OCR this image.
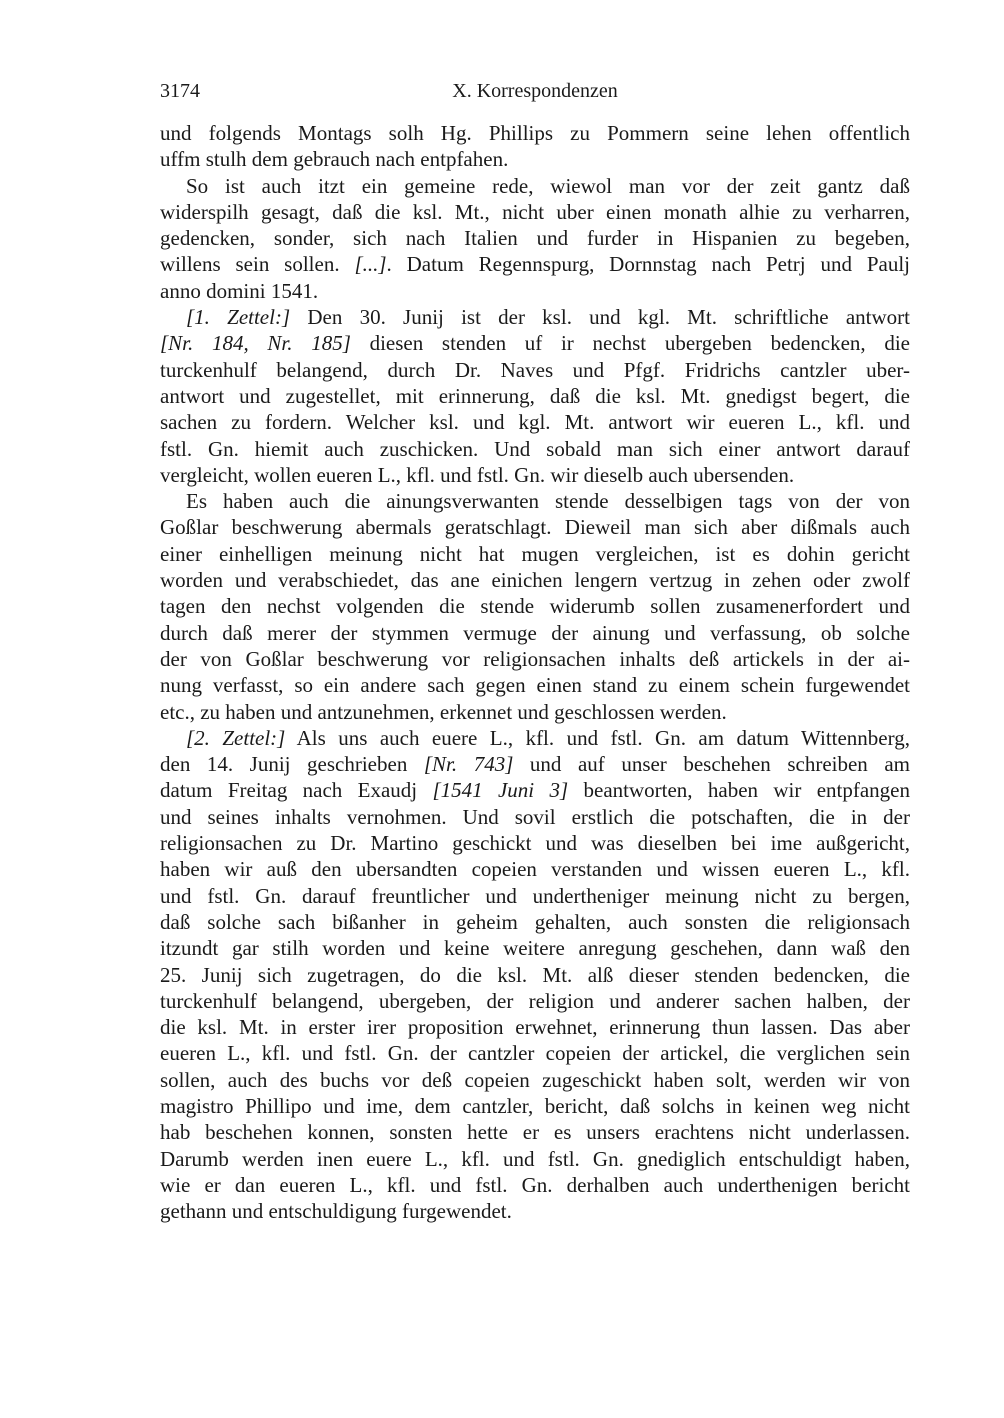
3174	X. Korrespondenzen
und folgends Montags solh Hg. Phillips zu Pommern seine lehen offentlich
uffm stulh dem gebrauch nach entpfahen.
So ist auch itzt ein gemeine rede, wiewol man vor der zeit gantz daß
widerspilh gesagt, daß die ksl. Mt., nicht uber einen monath alhie zu verharren,
gedencken, sonder, sich nach Italien und furder in Hispanien zu begeben,
willens sein sollen. [...]. Datum Regennspurg, Dornnstag nach Petrj und Paulj
anno domini 1541.
[1. Zettel:] Den 30. Junij ist der ksl. und kgl. Mt. schriftliche antwort
[Nr. 184, Nr. 185] diesen stenden uf ir nechst ubergeben bedencken, die
turckenhulf belangend, durch Dr. Naves und Pfgf. Fridrichs cantzler uber-
antwort und zugestellet, mit erinnerung, daß die ksl. Mt. gnedigst begert, die
sachen zu fordern. Welcher ksl. und kgl. Mt. antwort wir eueren L., kfl. und
fstl. Gn. hiemit auch zuschicken. Und sobald man sich einer antwort darauf
vergleicht, wollen eueren L., kfl. und fstl. Gn. wir dieselb auch ubersenden.
Es haben auch die ainungsverwanten stende desselbigen tags von der von
Goßlar beschwerung abermals geratschlagt. Dieweil man sich aber dißmals auch
einer einhelligen meinung nicht hat mugen vergleichen, ist es dohin gericht
worden und verabschiedet, das ane einichen lengern vertzug in zehen oder zwolf
tagen den nechst volgenden die stende widerumb sollen zusamenerfordert und
durch daß merer der stymmen vermuge der ainung und verfassung, ob solche
der von Goßlar beschwerung vor religionsachen inhalts deß artickels in der ai-
nung verfasst, so ein andere sach gegen einen stand zu einem schein furgewendet
etc., zu haben und antzunehmen, erkennet und geschlossen werden.
[2. Zettel:] Als uns auch euere L., kfl. und fstl. Gn. am datum Wittennberg,
den 14. Junij geschrieben [Nr. 743] und auf unser beschehen schreiben am
datum Freitag nach Exaudj [1541 Juni 3] beantworten, haben wir entpfangen
und seines inhalts vernohmen. Und sovil erstlich die potschaften, die in der
religionsachen zu Dr. Martino geschickt und was dieselben bei ime außgericht,
haben wir auß den ubersandten copeien verstanden und wissen eueren L., kfl.
und fstl. Gn. darauf freuntlicher und undertheniger meinung nicht zu bergen,
daß solche sach bißanher in geheim gehalten, auch sonsten die religionsach
itzundt gar stilh worden und keine weitere anregung geschehen, dann waß den
25. Junij sich zugetragen, do die ksl. Mt. alß dieser stenden bedencken, die
turckenhulf belangend, ubergeben, der religion und anderer sachen halben, der
die ksl. Mt. in erster irer proposition erwehnet, erinnerung thun lassen. Das aber
eueren L., kfl. und fstl. Gn. der cantzler copeien der artickel, die verglichen sein
sollen, auch des buchs vor deß copeien zugeschickt haben solt, werden wir von
magistro Phillipo und ime, dem cantzler, bericht, daß solchs in keinen weg nicht
hab beschehen konnen, sonsten hette er es unsers erachtens nicht underlassen.
Darumb werden inen euere L., kfl. und fstl. Gn. gnediglich entschuldigt haben,
wie er dan eueren L., kfl. und fstl. Gn. derhalben auch underthenigen bericht
gethann und entschuldigung furgewendet.
